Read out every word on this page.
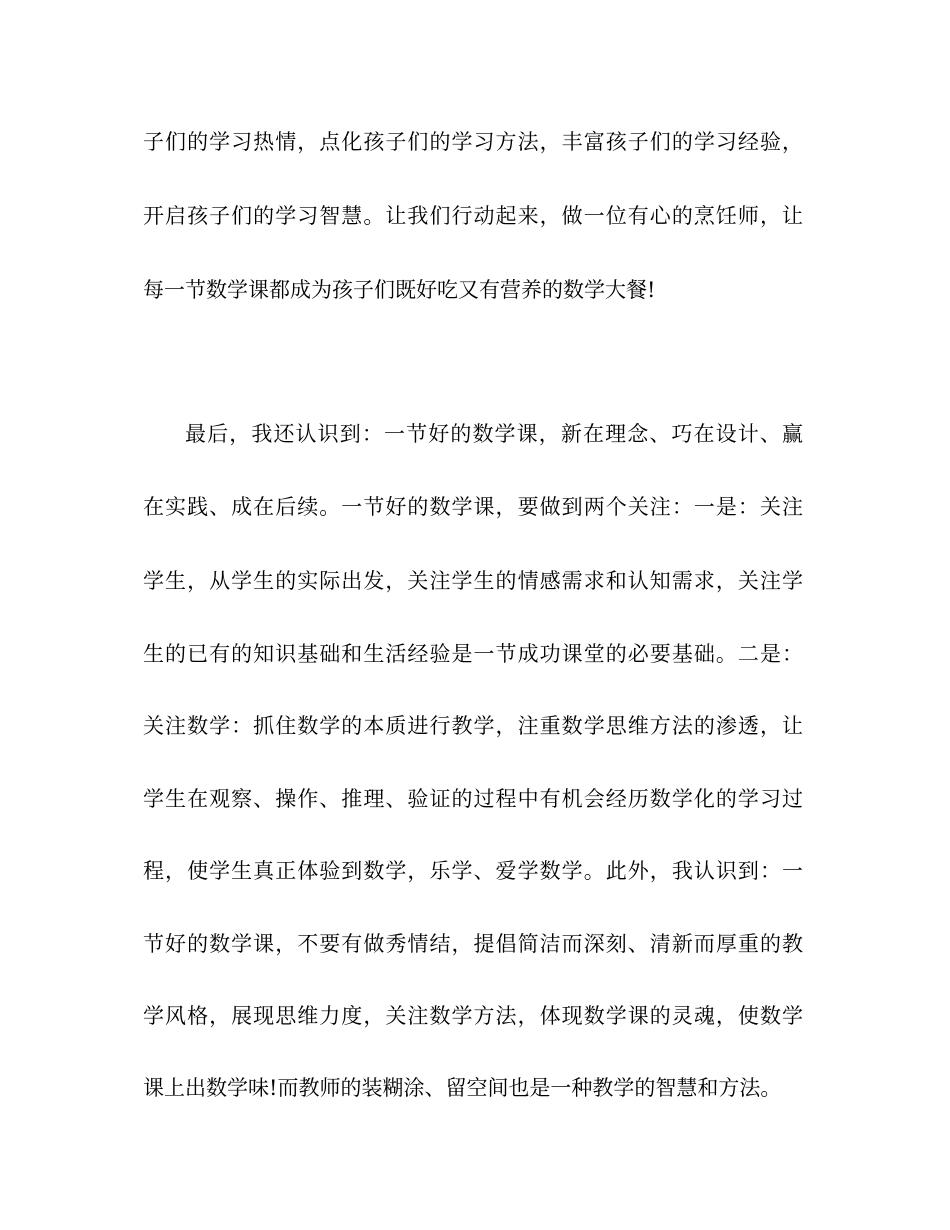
子们的学习热情，点化孩子们的学习方法，丰富孩子们的学习经验，

开启孩子们的学习智慧。让我们行动起来，做一位有心的烹饪师，让

每一节数学课都成为孩子们既好吃又有营养的数学大餐!

最后，我还认识到：一节好的数学课，新在理念、巧在设计、赢

在实践、成在后续。一节好的数学课，要做到两个关注：一是：关注

学生，从学生的实际出发，关注学生的情感需求和认知需求，关注学

生的已有的知识基础和生活经验是一节成功课堂的必要基础。二是：

关注数学：抓住数学的本质进行教学，注重数学思维方法的渗透，让

学生在观察、操作、推理、验证的过程中有机会经历数学化的学习过

程，使学生真正体验到数学，乐学、爱学数学。此外，我认识到：一

节好的数学课，不要有做秀情结，提倡简洁而深刻、清新而厚重的教

学风格，展现思维力度，关注数学方法，体现数学课的灵魂，使数学

课上出数学味!而教师的装糊涂、留空间也是一种教学的智慧和方法。
